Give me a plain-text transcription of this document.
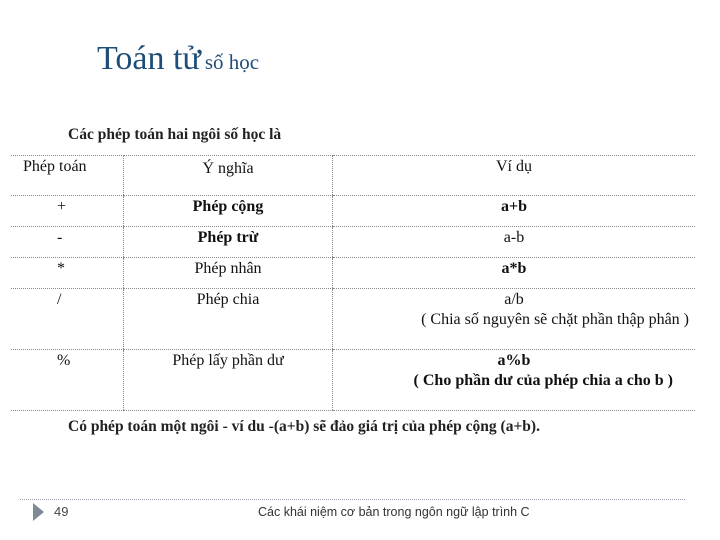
Toán tử số học
Các phép toán hai ngôi số học là
Phép toán	Ý nghĩa	Ví dụ

+	Phép cộng	a+b

-	Phép trừ	a-b

*	Phép nhân	a*b

/	Phép chia	a/b
( Chia số nguyên sẽ chặt phần thập phân )

%	Phép lấy phần dư	a%b
( Cho phần dư của phép chia a cho b )
Có phép toán một ngôi - ví du -(a+b) sẽ đảo giá trị của phép cộng (a+b).
49	Các khái niệm cơ bản trong ngôn ngữ lập trình C
